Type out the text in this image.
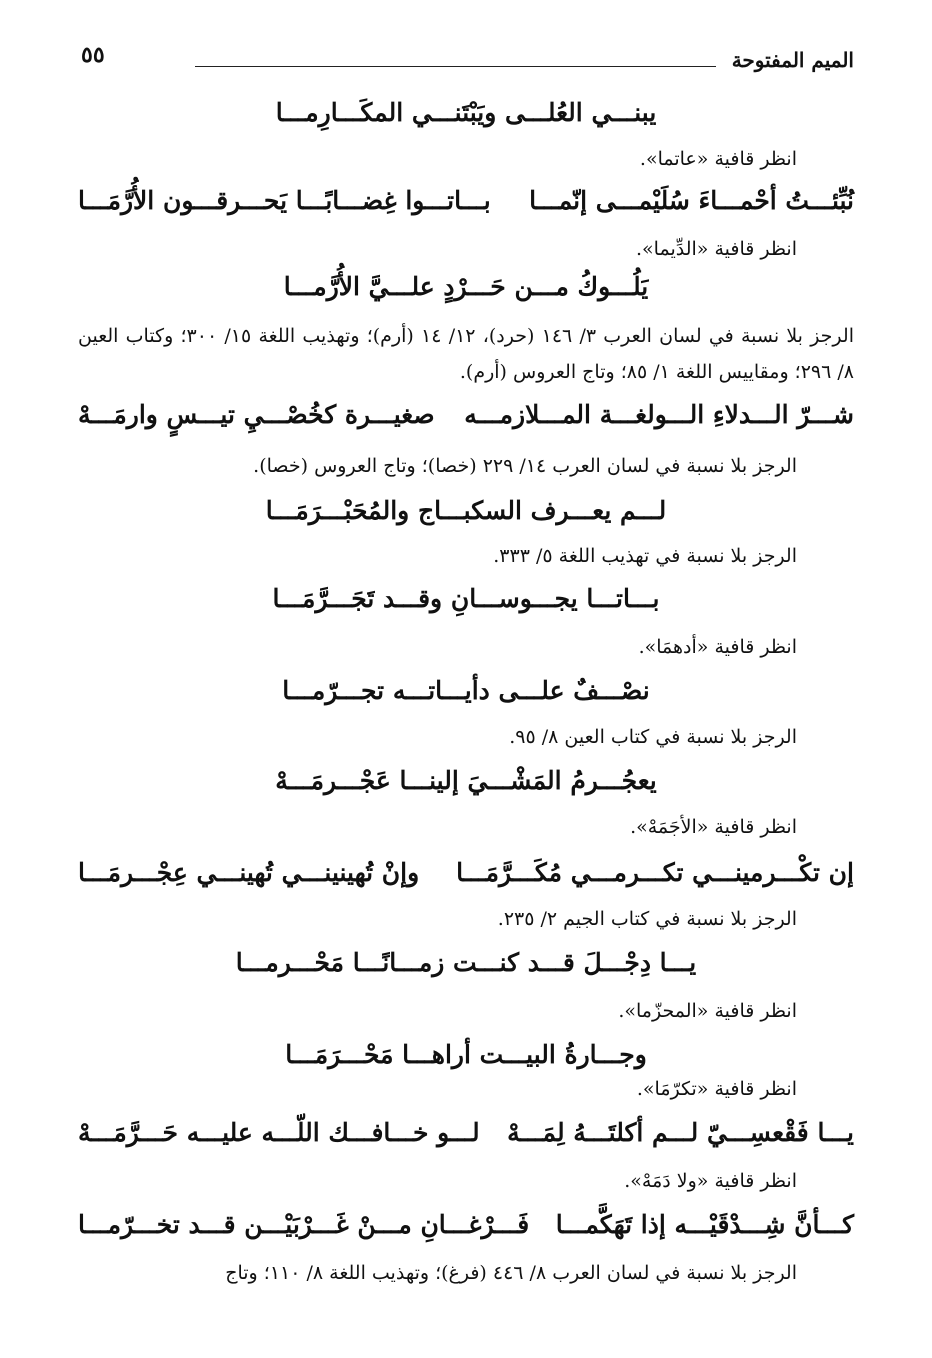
٥٥	الميم المفتوحة
يبنـــي العُلـــى ويَبْتَنـــي المكَـــارِمـــا
انظر قافية «عاتما».
نُبِّئـــتُ أحْمـــاءَ سُلَيْمـــى إنّمـــا
بـــاتـــوا غِضـــابًـــا يَحـــرقـــون الأُرَّمَـــا
انظر قافية «الدِّيما».
يَلُـــوكُ مـــن حَـــرْدٍ علـــيَّ الأُرَّمـــا
الرجز بلا نسبة في لسان العرب ٣/ ١٤٦ (حرد)، ١٢/ ١٤ (أرم)؛ وتهذيب اللغة ١٥/ ٣٠٠؛ وكتاب العين ٨/ ٢٩٦؛ ومقاييس اللغة ١/ ٨٥؛ وتاج العروس (أرم).
شـــرّ الـــدلاءِ الـــولغـــة المـــلازمـــه
صغيـــرة كخُصْـــيِ تيـــسٍ وارمَـــهْ
الرجز بلا نسبة في لسان العرب ١٤/ ٢٢٩ (خصا)؛ وتاج العروس (خصا).
لـــم يعـــرف السكبـــاج والمُحَبْـــرَمَـــا
الرجز بلا نسبة في تهذيب اللغة ٥/ ٣٣٣.
بـــاتـــا يجـــوســـانِ وقـــد تَجَـــرَّمَـــا
انظر قافية «أدهمَا».
نصْـــفٌ علـــى دأيـــاتـــه تجـــرّمـــا
الرجز بلا نسبة في كتاب العين ٨/ ٩٥.
يعجُـــرمُ المَشْـــيَ إلينـــا عَجْـــرمَـــهْ
انظر قافية «الأجَمَهْ».
إن تكْـــرمينـــي تكـــرمـــي مُكَـــرَّمَـــا
وإنْ تُهينينـــي تُهينـــي عِجْـــرمَـــا
الرجز بلا نسبة في كتاب الجيم ٢/ ٢٣٥.
يـــا دِجْـــلَ قـــد كنـــت زمـــانًـــا مَحْـــرمـــا
انظر قافية «المحزّما».
وجـــارةُ البيـــت أراهـــا مَحْـــرَمَـــا
انظر قافية «تكرّمَا».
يـــا فَقْعسِـــيّ لـــم أكلتَـــهُ لِمَـــهْ
لـــو خـــافـــك اللّـــه عليـــه حَـــرَّمَـــهْ
انظر قافية «ولا دَمَهْ».
كـــأنَّ شِـــدْقَيْـــه إذا تَهَكَّمـــا
فَـــرْغـــانِ مـــنْ غَـــرْبَيْـــن قـــد تخـــرّمـــا
الرجز بلا نسبة في لسان العرب ٨/ ٤٤٦ (فرغ)؛ وتهذيب اللغة ٨/ ١١٠؛ وتاج
